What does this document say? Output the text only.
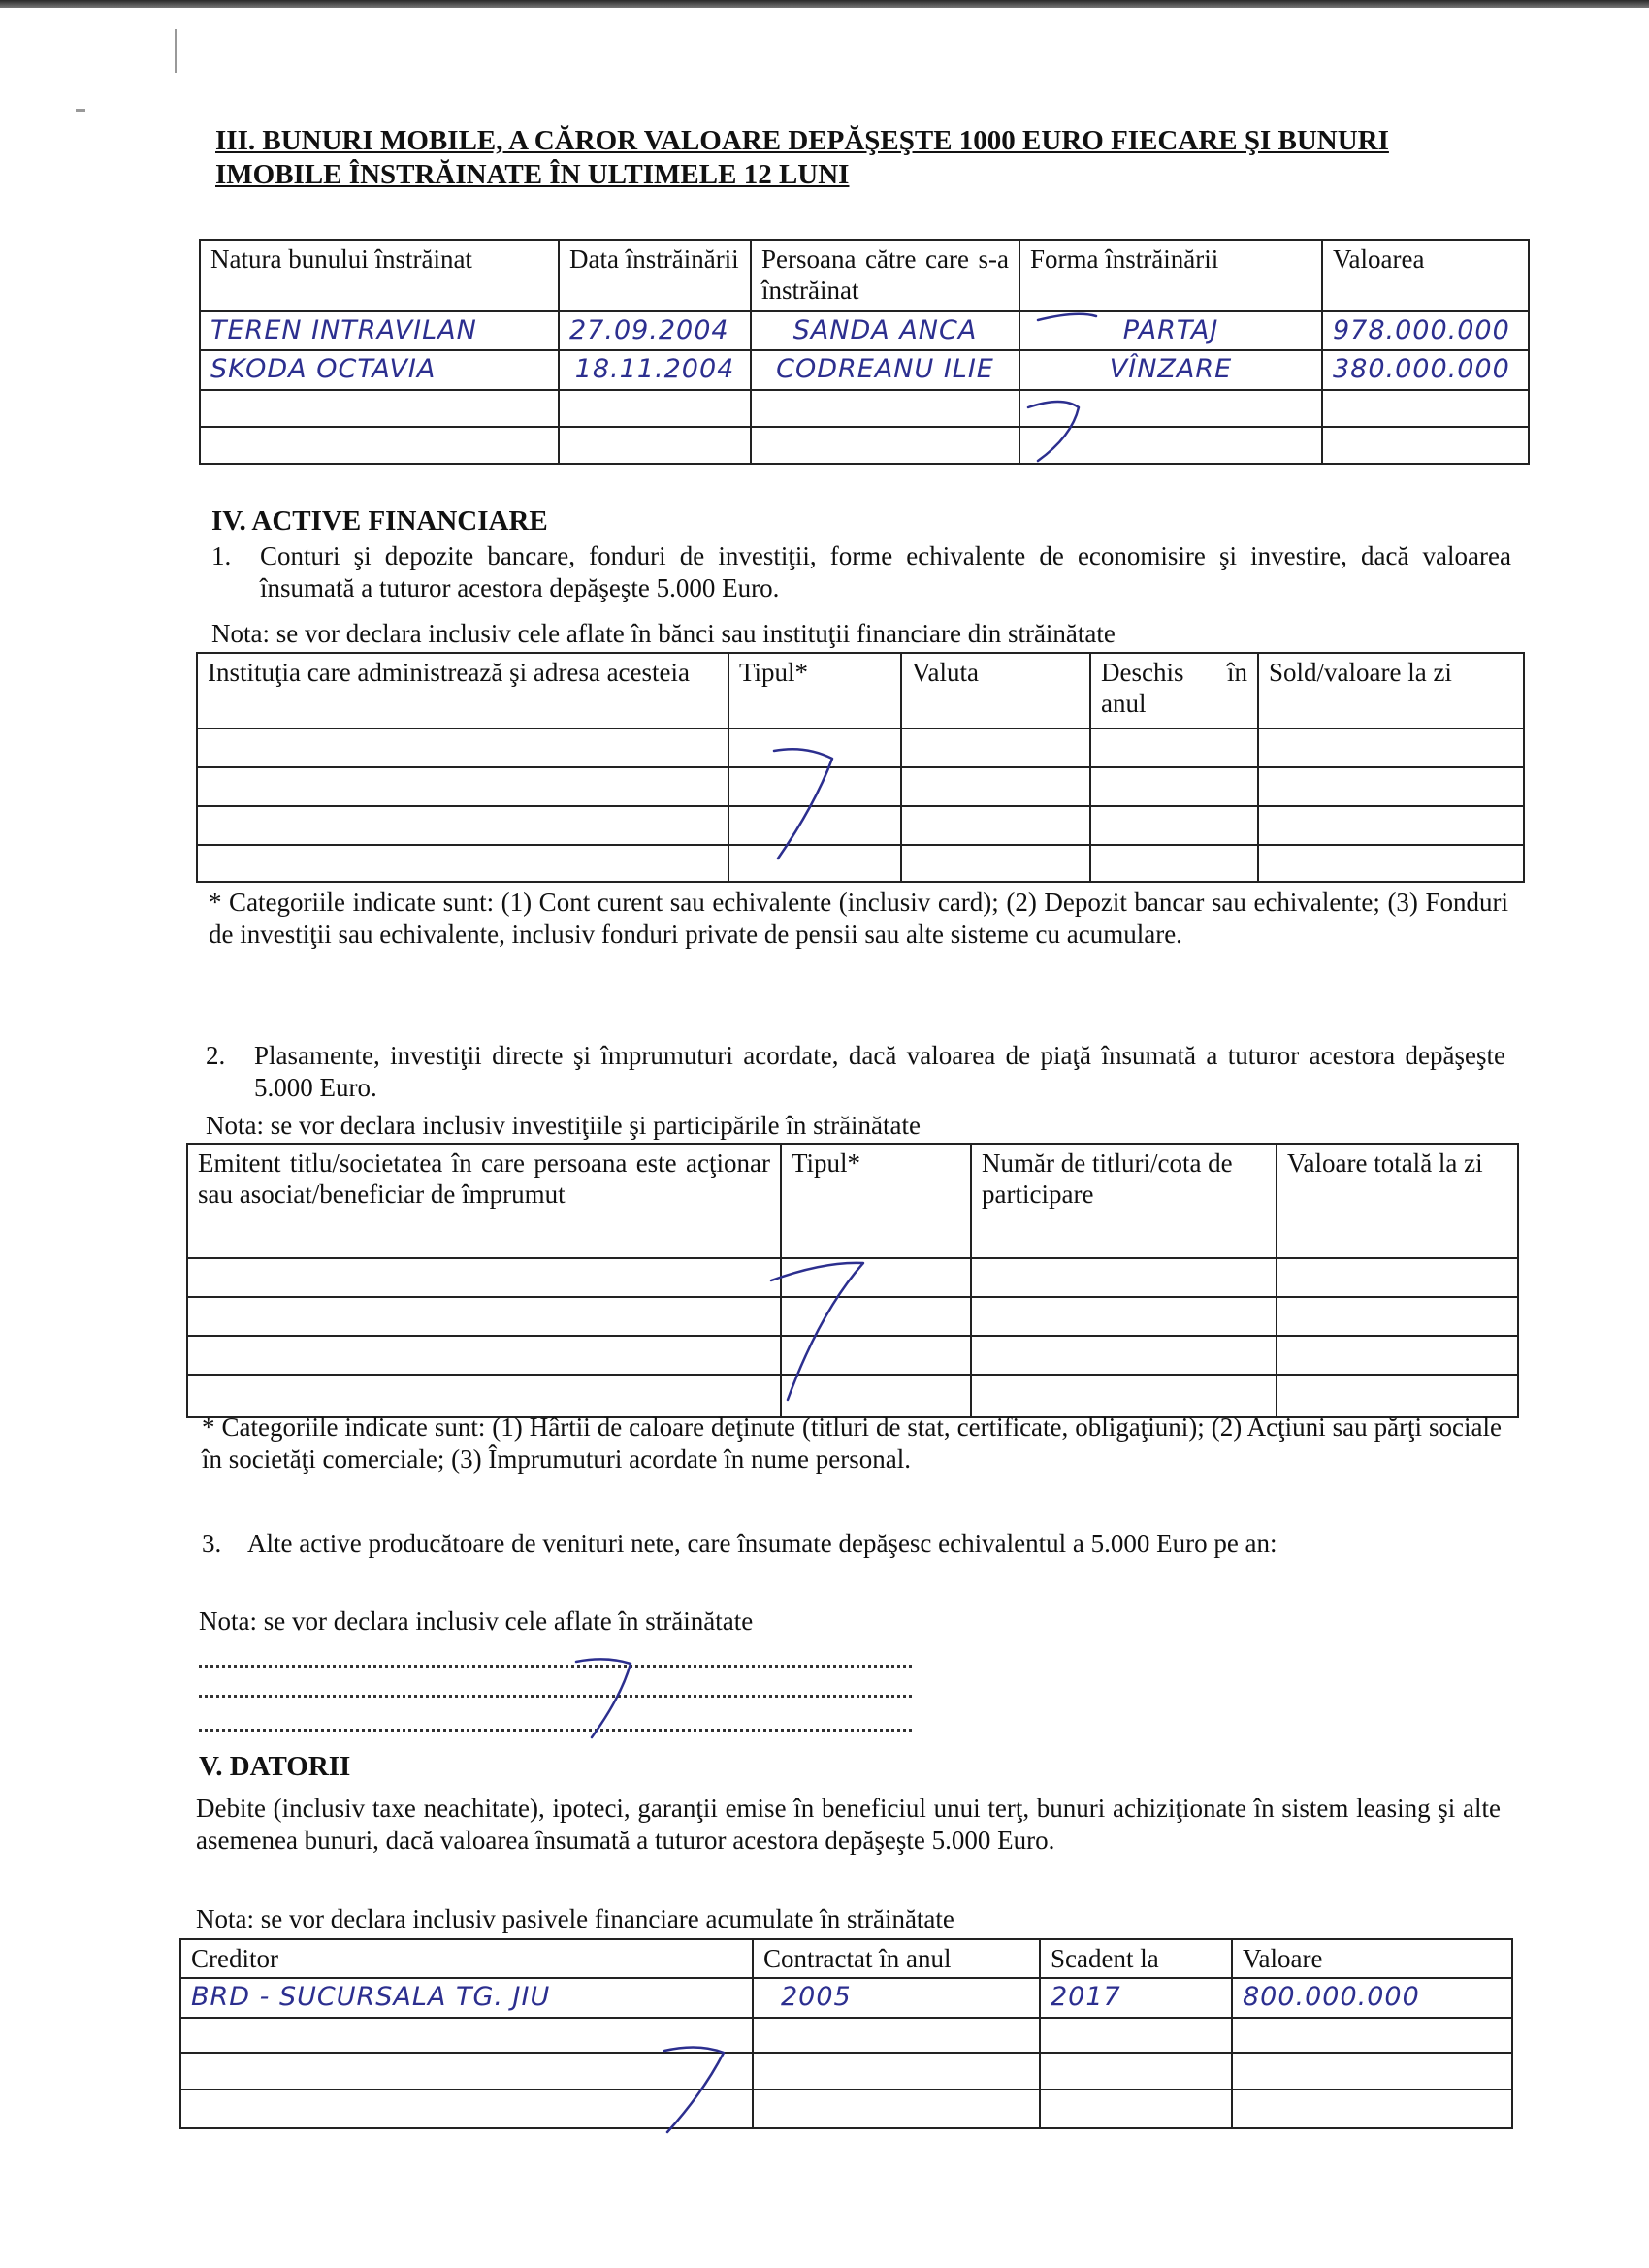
III. BUNURI MOBILE, A CĂROR VALOARE DEPĂŞEŞTE 1000 EURO FIECARE ŞI BUNURI IMOBILE ÎNSTRĂINATE ÎN ULTIMELE 12 LUNI
Natura bunului înstrăinat	Data înstrăinării	Persoana către care s-a înstrăinat	Forma înstrăinării	Valoarea
TEREN INTRAVILAN	27.09.2004	SANDA ANCA	PARTAJ	978.000.000
SKODA OCTAVIA	18.11.2004	CODREANU ILIE	VÎNZARE	380.000.000

IV. ACTIVE FINANCIARE
1. Conturi şi depozite bancare, fonduri de investiţii, forme echivalente de economisire şi investire, dacă valoarea însumată a tuturor acestora depăşeşte 5.000 Euro.
Nota: se vor declara inclusiv cele aflate în bănci sau instituţii financiare din străinătate
Instituţia care administrează şi adresa acesteia	Tipul*	Valuta	Deschis în anul	Sold/valoare la zi

* Categoriile indicate sunt: (1) Cont curent sau echivalente (inclusiv card); (2) Depozit bancar sau echivalente; (3) Fonduri de investiţii sau echivalente, inclusiv fonduri private de pensii sau alte sisteme cu acumulare.
2. Plasamente, investiţii directe şi împrumuturi acordate, dacă valoarea de piaţă însumată a tuturor acestora depăşeşte 5.000 Euro.
Nota: se vor declara inclusiv investiţiile şi participările în străinătate
Emitent titlu/societatea în care persoana este acţionar sau asociat/beneficiar de împrumut	Tipul*	Număr de titluri/cota de participare	Valoare totală la zi

* Categoriile indicate sunt: (1) Hârtii de caloare deţinute (titluri de stat, certificate, obligaţiuni); (2) Acţiuni sau părţi sociale în societăţi comerciale; (3) Împrumuturi acordate în nume personal.
3. Alte active producătoare de venituri nete, care însumate depăşesc echivalentul a 5.000 Euro pe an:
Nota: se vor declara inclusiv cele aflate în străinătate
V. DATORII
Debite (inclusiv taxe neachitate), ipoteci, garanţii emise în beneficiul unui terţ, bunuri achiziţionate în sistem leasing şi alte asemenea bunuri, dacă valoarea însumată a tuturor acestora depăşeşte 5.000 Euro.
Nota: se vor declara inclusiv pasivele financiare acumulate în străinătate
Creditor	Contractat în anul	Scadent la	Valoare
BRD - SUCURSALA TG. JIU	2005	2017	800.000.000
